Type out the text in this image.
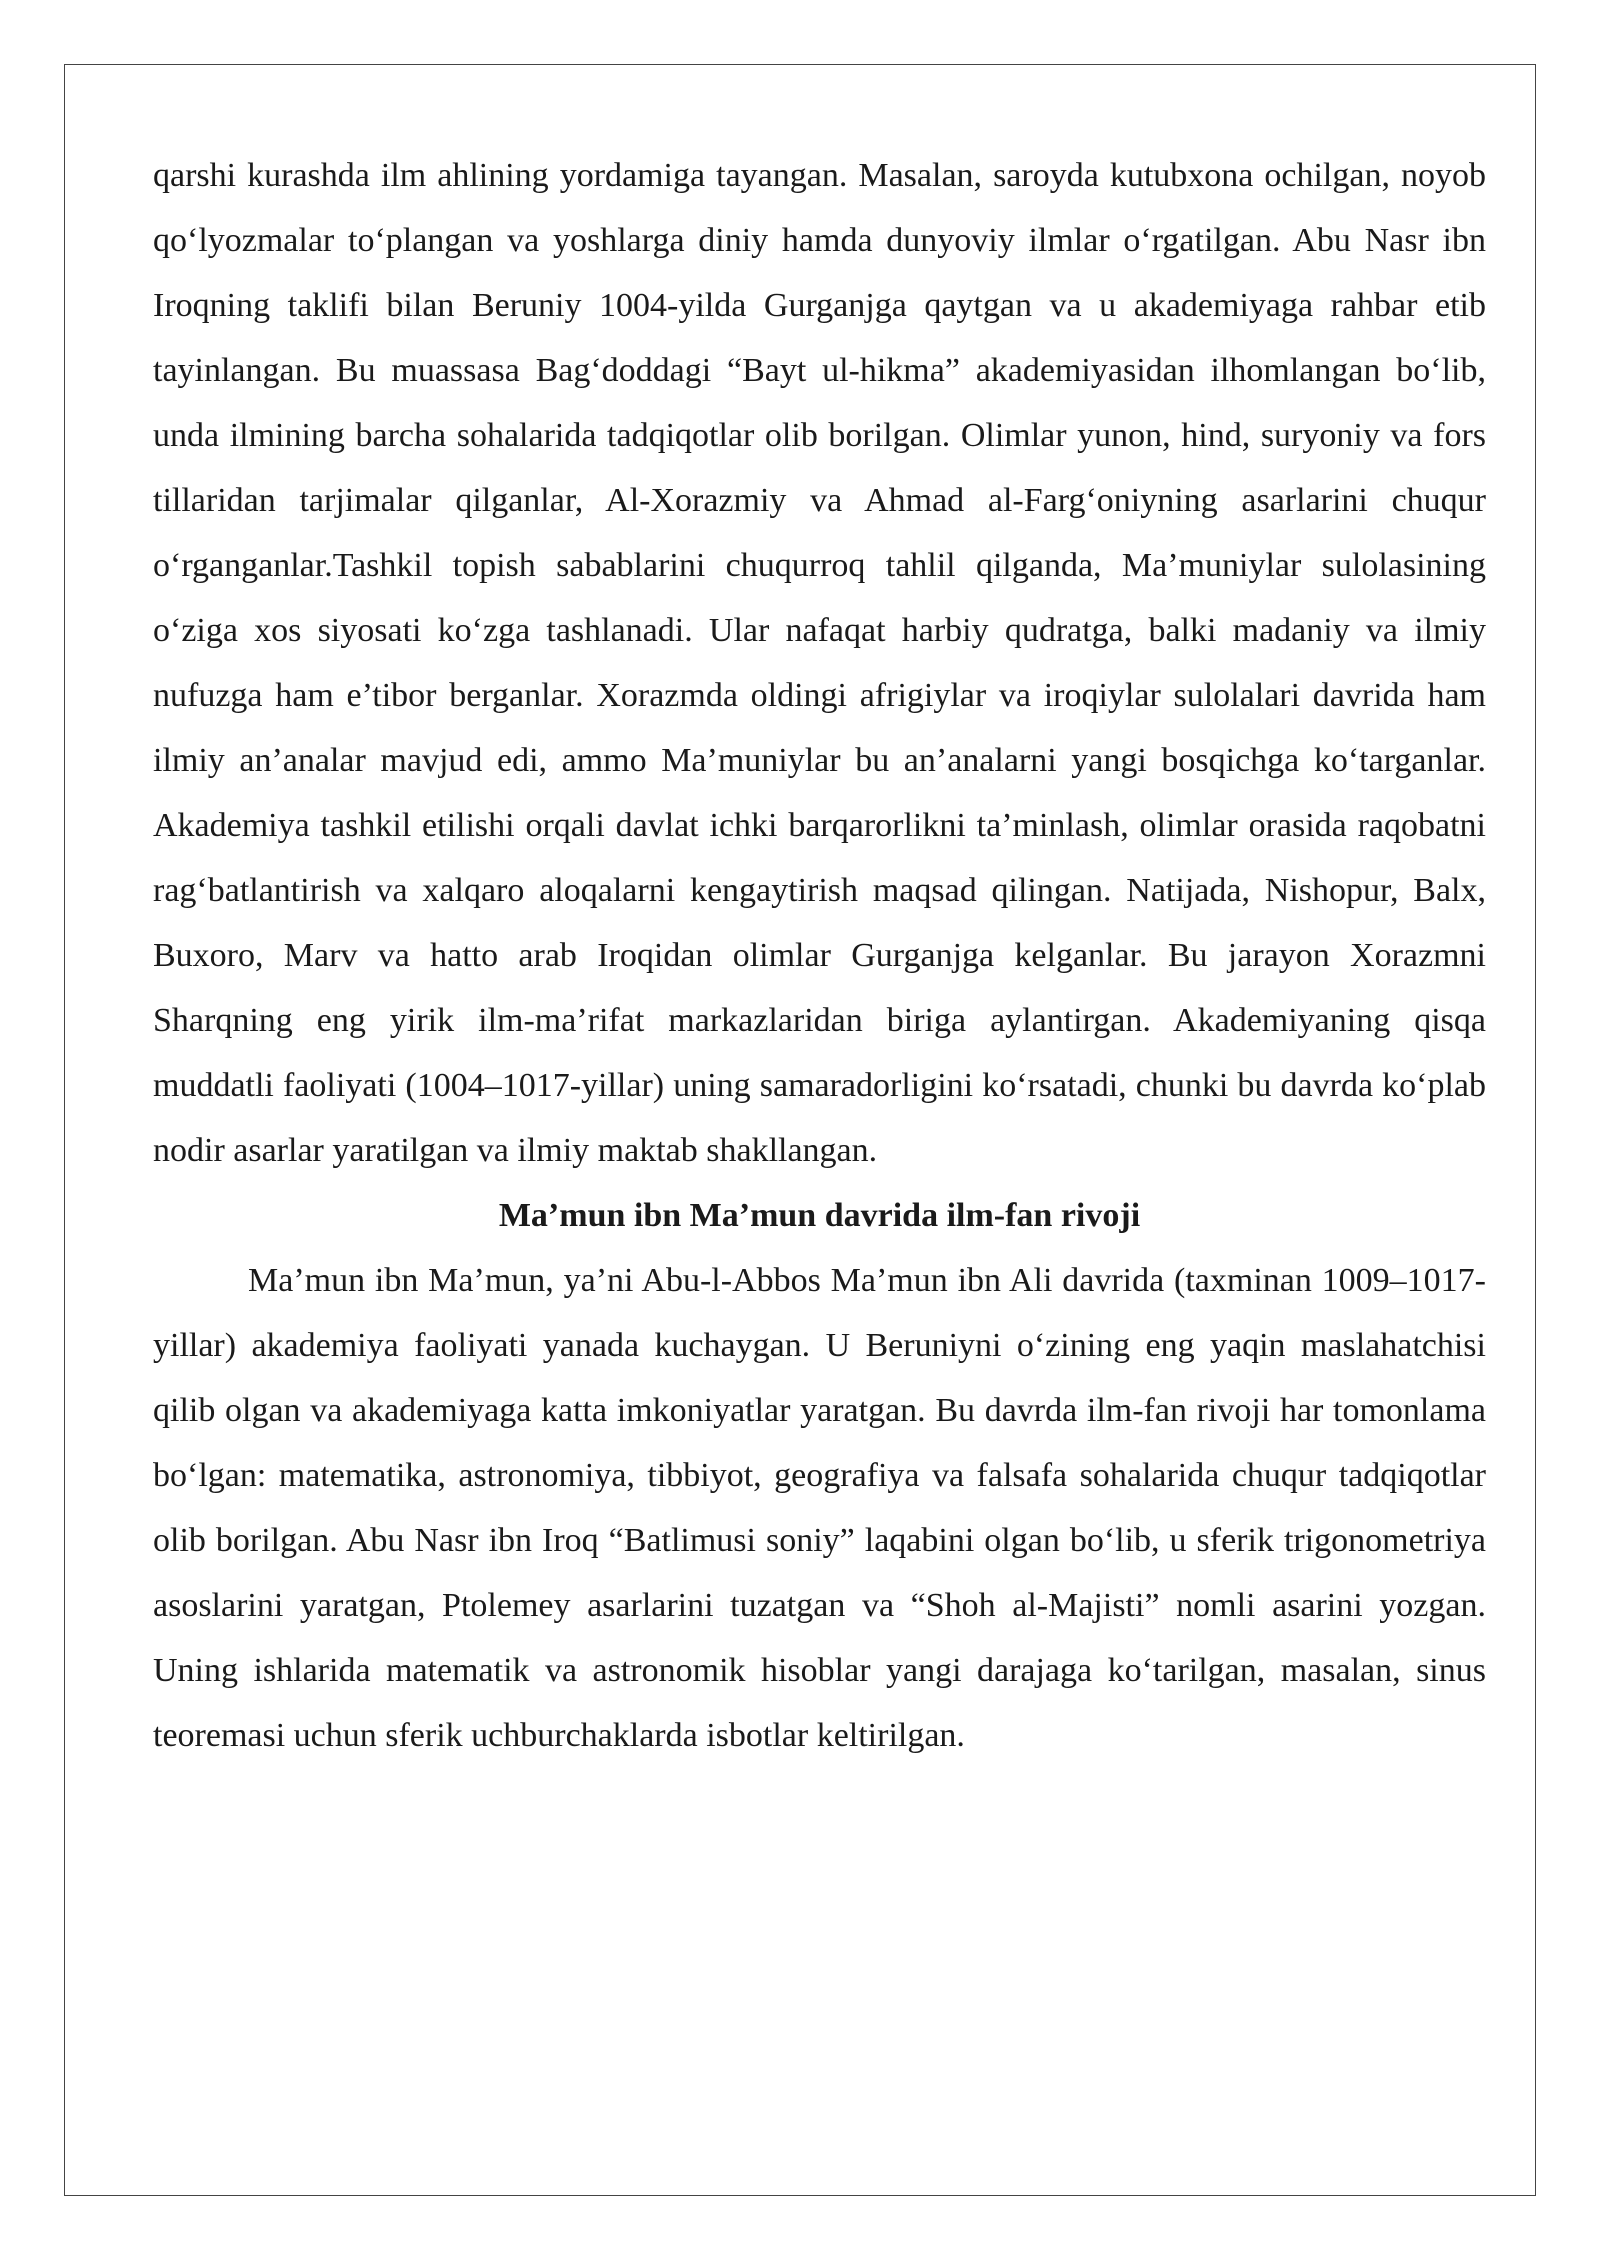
qarshi kurashda ilm ahlining yordamiga tayangan. Masalan, saroyda kutubxona ochilgan, noyob qo‘lyozmalar to‘plangan va yoshlarga diniy hamda dunyoviy ilmlar o‘rgatilgan. Abu Nasr ibn Iroqning taklifi bilan Beruniy 1004-yilda Gurganjga qaytgan va u akademiyaga rahbar etib tayinlangan. Bu muassasa Bag‘doddagi “Bayt ul-hikma” akademiyasidan ilhomlangan bo‘lib, unda ilmining barcha sohalarida tadqiqotlar olib borilgan. Olimlar yunon, hind, suryoniy va fors tillaridan tarjimalar qilganlar, Al-Xorazmiy va Ahmad al-Farg‘oniyning asarlarini chuqur o‘rganganlar.Tashkil topish sabablarini chuqurroq tahlil qilganda, Ma’muniylar sulolasining o‘ziga xos siyosati ko‘zga tashlanadi. Ular nafaqat harbiy qudratga, balki madaniy va ilmiy nufuzga ham e’tibor berganlar. Xorazmda oldingi afrigiylar va iroqiylar sulolalari davrida ham ilmiy an’analar mavjud edi, ammo Ma’muniylar bu an’analarni yangi bosqichga ko‘targanlar. Akademiya tashkil etilishi orqali davlat ichki barqarorlikni ta’minlash, olimlar orasida raqobatni rag‘batlantirish va xalqaro aloqalarni kengaytirish maqsad qilingan. Natijada, Nishopur, Balx, Buxoro, Marv va hatto arab Iroqidan olimlar Gurganjga kelganlar. Bu jarayon Xorazmni Sharqning eng yirik ilm-ma’rifat markazlaridan biriga aylantirgan. Akademiyaning qisqa muddatli faoliyati (1004–1017-yillar) uning samaradorligini ko‘rsatadi, chunki bu davrda ko‘plab nodir asarlar yaratilgan va ilmiy maktab shakllangan.

Ma’mun ibn Ma’mun davrida ilm-fan rivoji

Ma’mun ibn Ma’mun, ya’ni Abu-l-Abbos Ma’mun ibn Ali davrida (taxminan 1009–1017-yillar) akademiya faoliyati yanada kuchaygan. U Beruniyni o‘zining eng yaqin maslahatchisi qilib olgan va akademiyaga katta imkoniyatlar yaratgan. Bu davrda ilm-fan rivoji har tomonlama bo‘lgan: matematika, astronomiya, tibbiyot, geografiya va falsafa sohalarida chuqur tadqiqotlar olib borilgan. Abu Nasr ibn Iroq “Batlimusi soniy” laqabini olgan bo‘lib, u sferik trigonometriya asoslarini yaratgan, Ptolemey asarlarini tuzatgan va “Shoh al-Majisti” nomli asarini yozgan. Uning ishlarida matematik va astronomik hisoblar yangi darajaga ko‘tarilgan, masalan, sinus teoremasi uchun sferik uchburchaklarda isbotlar keltirilgan.
